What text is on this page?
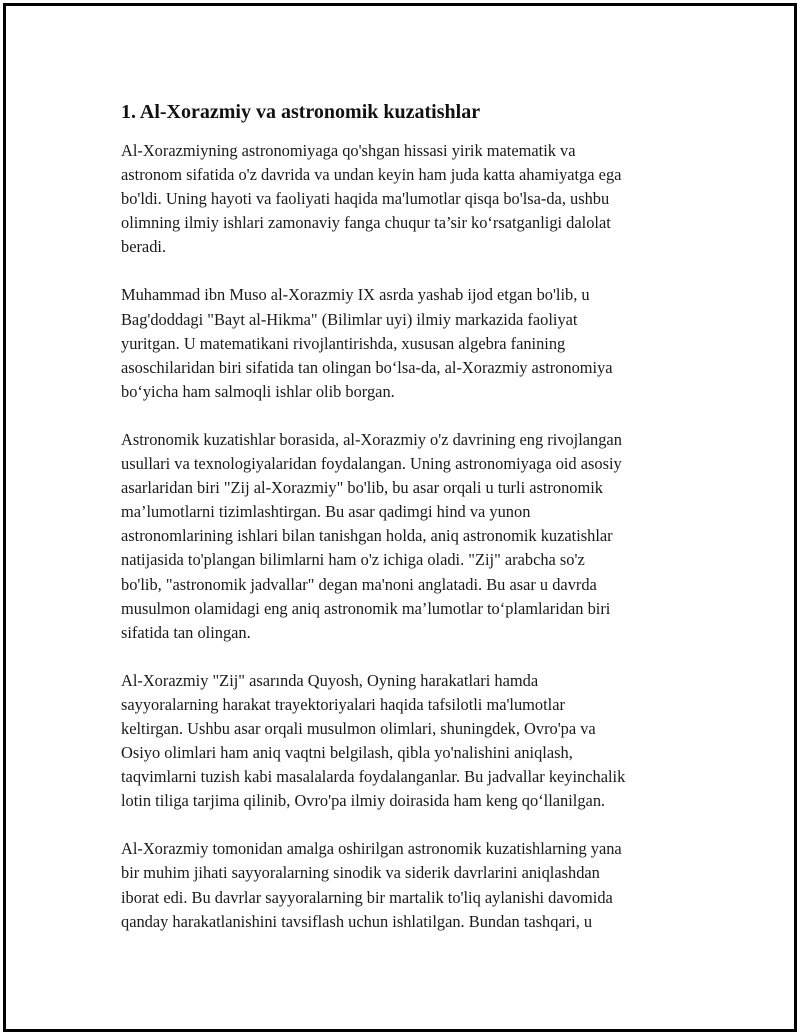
1. Al-Xorazmiy va astronomik kuzatishlar

Al-Xorazmiyning astronomiyaga qo'shgan hissasi yirik matematik va
astronom sifatida o'z davrida va undan keyin ham juda katta ahamiyatga ega
bo'ldi. Uning hayoti va faoliyati haqida ma'lumotlar qisqa bo'lsa-da, ushbu
olimning ilmiy ishlari zamonaviy fanga chuqur ta’sir ko‘rsatganligi dalolat
beradi.

Muhammad ibn Muso al-Xorazmiy IX asrda yashab ijod etgan bo'lib, u
Bag'doddagi "Bayt al-Hikma" (Bilimlar uyi) ilmiy markazida faoliyat
yuritgan. U matematikani rivojlantirishda, xususan algebra fanining
asoschilaridan biri sifatida tan olingan bo‘lsa-da, al-Xorazmiy astronomiya
bo‘yicha ham salmoqli ishlar olib borgan.

Astronomik kuzatishlar borasida, al-Xorazmiy o'z davrining eng rivojlangan
usullari va texnologiyalaridan foydalangan. Uning astronomiyaga oid asosiy
asarlaridan biri "Zij al-Xorazmiy" bo'lib, bu asar orqali u turli astronomik
ma’lumotlarni tizimlashtirgan. Bu asar qadimgi hind va yunon
astronomlarining ishlari bilan tanishgan holda, aniq astronomik kuzatishlar
natijasida to'plangan bilimlarni ham o'z ichiga oladi. "Zij" arabcha so'z
bo'lib, "astronomik jadvallar" degan ma'noni anglatadi. Bu asar u davrda
musulmon olamidagi eng aniq astronomik ma’lumotlar to‘plamlaridan biri
sifatida tan olingan.

Al-Xorazmiy "Zij" asarında Quyosh, Oyning harakatlari hamda
sayyoralarning harakat trayektoriyalari haqida tafsilotli ma'lumotlar
keltirgan. Ushbu asar orqali musulmon olimlari, shuningdek, Ovro'pa va
Osiyo olimlari ham aniq vaqtni belgilash, qibla yo'nalishini aniqlash,
taqvimlarni tuzish kabi masalalarda foydalanganlar. Bu jadvallar keyinchalik
lotin tiliga tarjima qilinib, Ovro'pa ilmiy doirasida ham keng qo‘llanilgan.

Al-Xorazmiy tomonidan amalga oshirilgan astronomik kuzatishlarning yana
bir muhim jihati sayyoralarning sinodik va siderik davrlarini aniqlashdan
iborat edi. Bu davrlar sayyoralarning bir martalik to'liq aylanishi davomida
qanday harakatlanishini tavsiflash uchun ishlatilgan. Bundan tashqari, u
